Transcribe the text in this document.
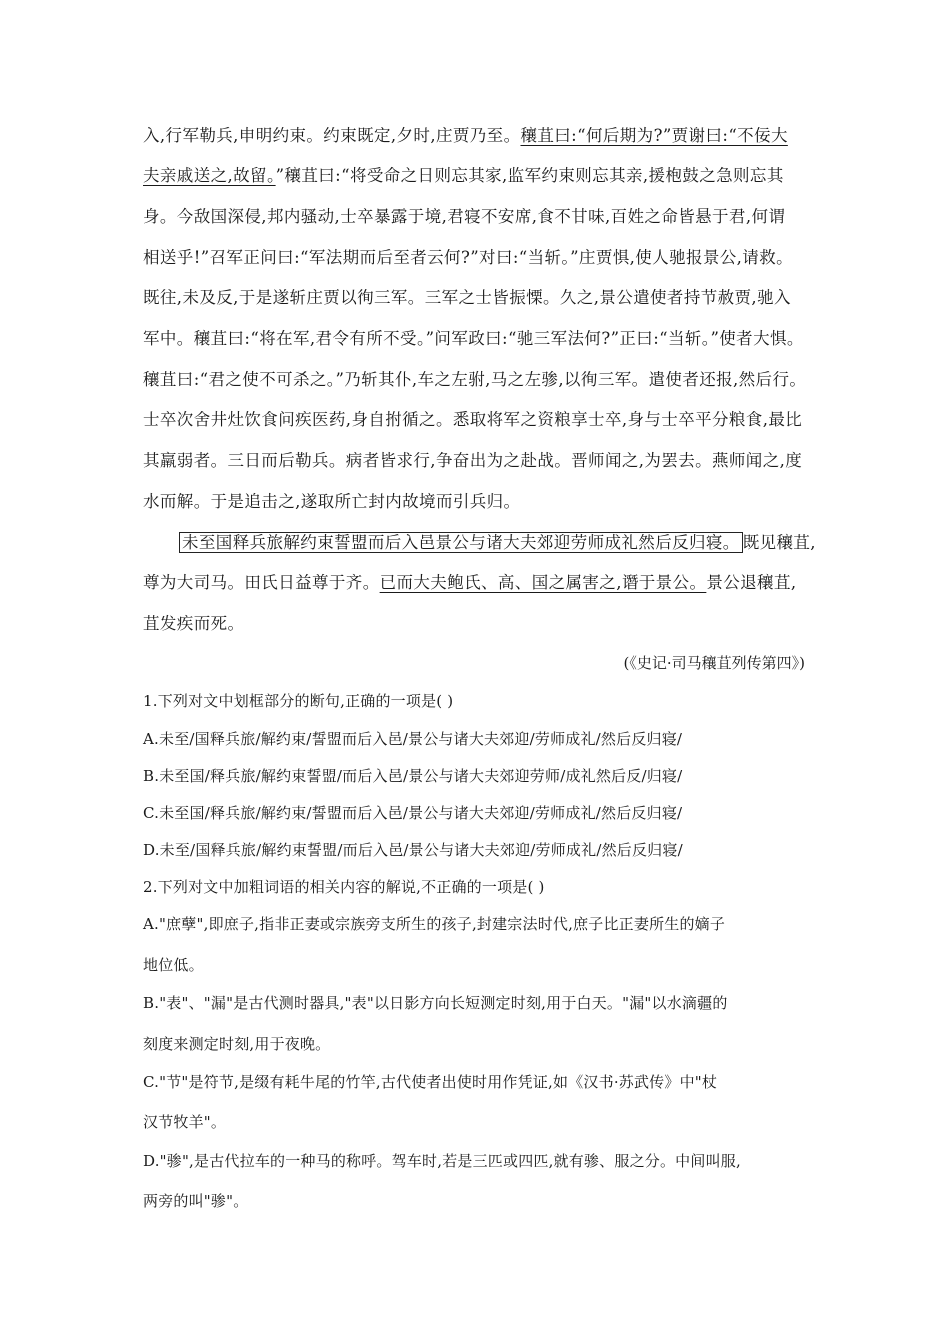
入,行军勒兵,申明约束。约束既定,夕时,庄贾乃至。穰苴曰:“何后期为?”贾谢曰:“不佞大
夫亲戚送之,故留。”穰苴曰:“将受命之日则忘其家,监军约束则忘其亲,援枹鼓之急则忘其
身。今敌国深侵,邦内骚动,士卒暴露于境,君寝不安席,食不甘味,百姓之命皆悬于君,何谓
相送乎!”召军正问曰:“军法期而后至者云何?”对曰:“当斩。”庄贾惧,使人驰报景公,请救。
既往,未及反,于是遂斩庄贾以徇三军。三军之士皆振慄。久之,景公遣使者持节赦贾,驰入
军中。穰苴曰:“将在军,君令有所不受。”问军政曰:“驰三军法何?”正曰:“当斩。”使者大惧。
穰苴曰:“君之使不可杀之。”乃斩其仆,车之左驸,马之左骖,以徇三军。遣使者还报,然后行。
士卒次舍井灶饮食问疾医药,身自拊循之。悉取将军之资粮享士卒,身与士卒平分粮食,最比
其羸弱者。三日而后勒兵。病者皆求行,争奋出为之赴战。晋师闻之,为罢去。燕师闻之,度
水而解。于是追击之,遂取所亡封内故境而引兵归。
未至国释兵旅解约束誓盟而后入邑景公与诸大夫郊迎劳师成礼然后反归寝。 既见穰苴,
尊为大司马。田氏日益尊于齐。已而大夫鲍氏、高、国之属害之,谮于景公。景公退穰苴,
苴发疾而死。
(《史记·司马穰苴列传第四》)
1.下列对文中划框部分的断句,正确的一项是( )
A.未至/国释兵旅/解约束/誓盟而后入邑/景公与诸大夫郊迎/劳师成礼/然后反归寝/
B.未至国/释兵旅/解约束誓盟/而后入邑/景公与诸大夫郊迎劳师/成礼然后反/归寝/
C.未至国/释兵旅/解约束/誓盟而后入邑/景公与诸大夫郊迎/劳师成礼/然后反归寝/
D.未至/国释兵旅/解约束誓盟/而后入邑/景公与诸大夫郊迎/劳师成礼/然后反归寝/
2.下列对文中加粗词语的相关内容的解说,不正确的一项是( )
A."庶孽",即庶子,指非正妻或宗族旁支所生的孩子,封建宗法时代,庶子比正妻所生的嫡子
地位低。
B."表"、"漏"是古代测时器具,"表"以日影方向长短测定时刻,用于白天。"漏"以水滴疆的
刻度来测定时刻,用于夜晚。
C."节"是符节,是缀有耗牛尾的竹竿,古代使者出使时用作凭证,如《汉书·苏武传》中"杖
汉节牧羊"。
D."骖",是古代拉车的一种马的称呼。驾车时,若是三匹或四匹,就有骖、服之分。中间叫服,
两旁的叫"骖"。
